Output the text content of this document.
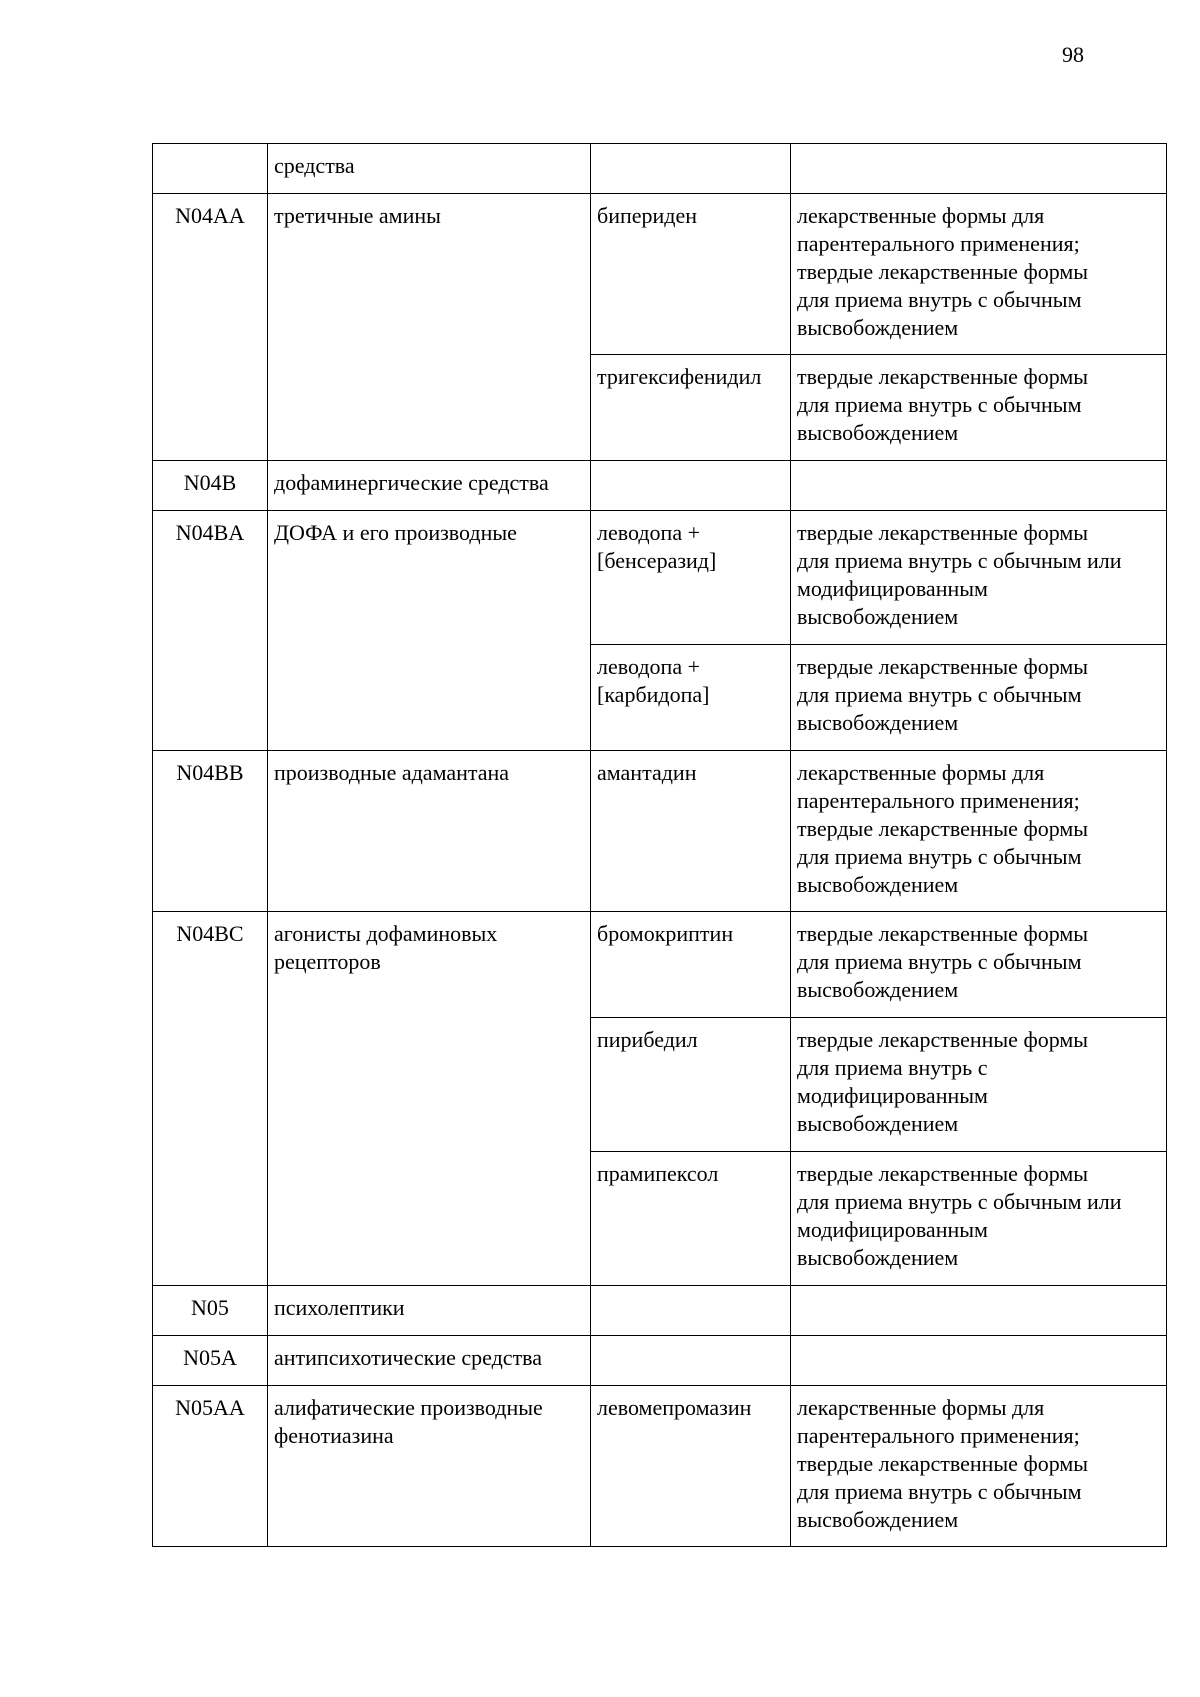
98
	средства		
N04AA	третичные амины	бипериден	лекарственные формы для
парентерального применения;
твердые лекарственные формы
для приема внутрь с обычным
высвобождением
		тригексифенидил	твердые лекарственные формы
для приема внутрь с обычным
высвобождением
N04B	дофаминергические средства		
N04BA	ДОФА и его производные	леводопа +
[бенсеразид]	твердые лекарственные формы
для приема внутрь с обычным или
модифицированным
высвобождением
		леводопа +
[карбидопа]	твердые лекарственные формы
для приема внутрь с обычным
высвобождением
N04BB	производные адамантана	амантадин	лекарственные формы для
парентерального применения;
твердые лекарственные формы
для приема внутрь с обычным
высвобождением
N04BC	агонисты дофаминовых
рецепторов	бромокриптин	твердые лекарственные формы
для приема внутрь с обычным
высвобождением
		пирибедил	твердые лекарственные формы
для приема внутрь с
модифицированным
высвобождением
		прамипексол	твердые лекарственные формы
для приема внутрь с обычным или
модифицированным
высвобождением
N05	психолептики		
N05A	антипсихотические средства		
N05AA	алифатические производные
фенотиазина	левомепромазин	лекарственные формы для
парентерального применения;
твердые лекарственные формы
для приема внутрь с обычным
высвобождением
